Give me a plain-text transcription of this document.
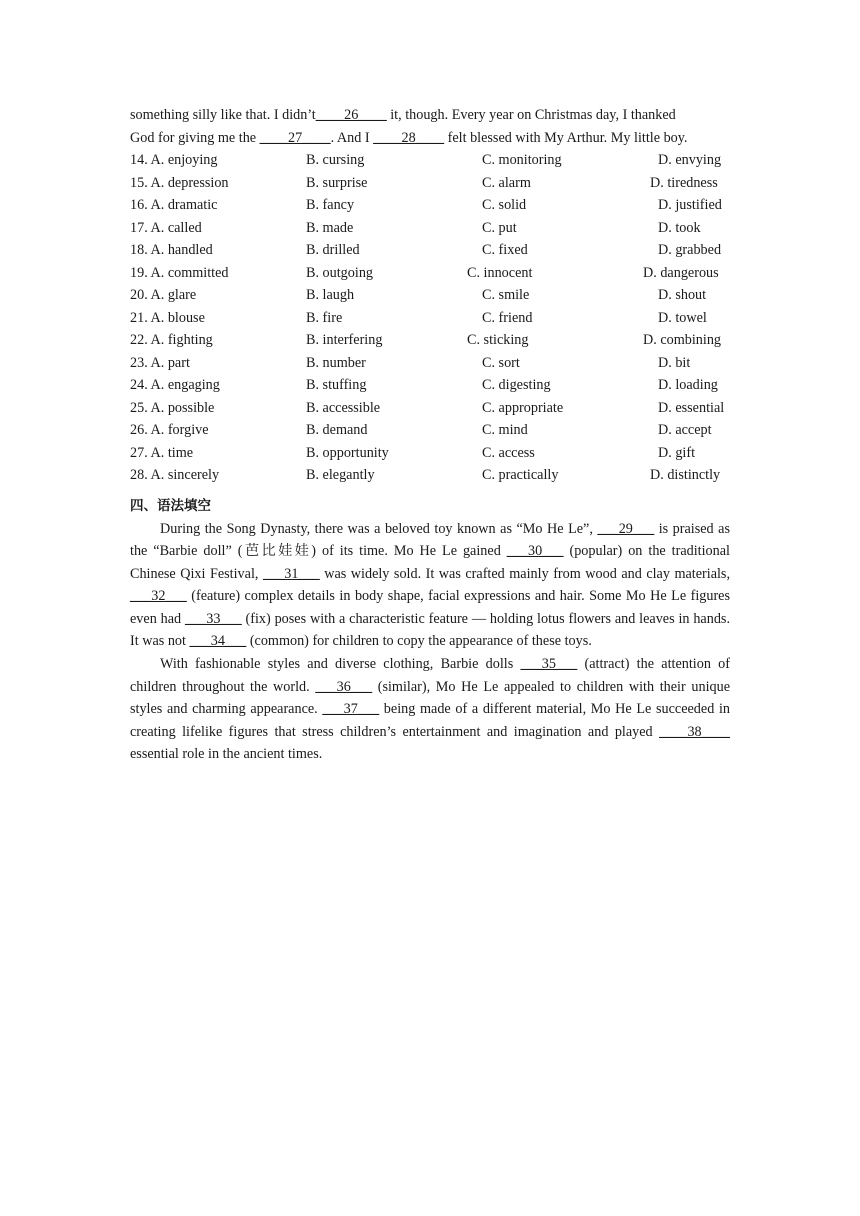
something silly like that. I didn’t____26____ it, though. Every year on Christmas day, I thanked
God for giving me the ____27____. And I ____28____ felt blessed with My Arthur. My little boy.
14. A. enjoying	B. cursing	C. monitoring	D. envying
15. A. depression	B. surprise	C. alarm	D. tiredness
16. A. dramatic	B. fancy	C. solid	D. justified
17. A. called	B. made	C. put	D. took
18. A. handled	B. drilled	C. fixed	D. grabbed
19. A. committed	B. outgoing	C. innocent	D. dangerous
20. A. glare	B. laugh	C. smile	D. shout
21. A. blouse	B. fire	C. friend	D. towel
22. A. fighting	B. interfering	C. sticking	D. combining
23. A. part	B. number	C. sort	D. bit
24. A. engaging	B. stuffing	C. digesting	D. loading
25. A. possible	B. accessible	C. appropriate	D. essential
26. A. forgive	B. demand	C. mind	D. accept
27. A. time	B. opportunity	C. access	D. gift
28. A. sincerely	B. elegantly	C. practically	D. distinctly
四、语法填空

During the Song Dynasty, there was a beloved toy known as “Mo He Le”, ___29___ is praised as the “Barbie doll” (芭比娃娃) of its time. Mo He Le gained ___30___ (popular) on the traditional Chinese Qixi Festival, ___31___ was widely sold. It was crafted mainly from wood and clay materials, ___32___ (feature) complex details in body shape, facial expressions and hair. Some Mo He Le figures even had ___33___ (fix) poses with a characteristic feature — holding lotus flowers and leaves in hands. It was not ___34___ (common) for children to copy the appearance of these toys.

With fashionable styles and diverse clothing, Barbie dolls ___35___ (attract) the attention of children throughout the world. ___36___ (similar), Mo He Le appealed to children with their unique styles and charming appearance. ___37___ being made of a different material, Mo He Le succeeded in creating lifelike figures that stress children’s entertainment and imagination and played ____38____ essential role in the ancient times.
